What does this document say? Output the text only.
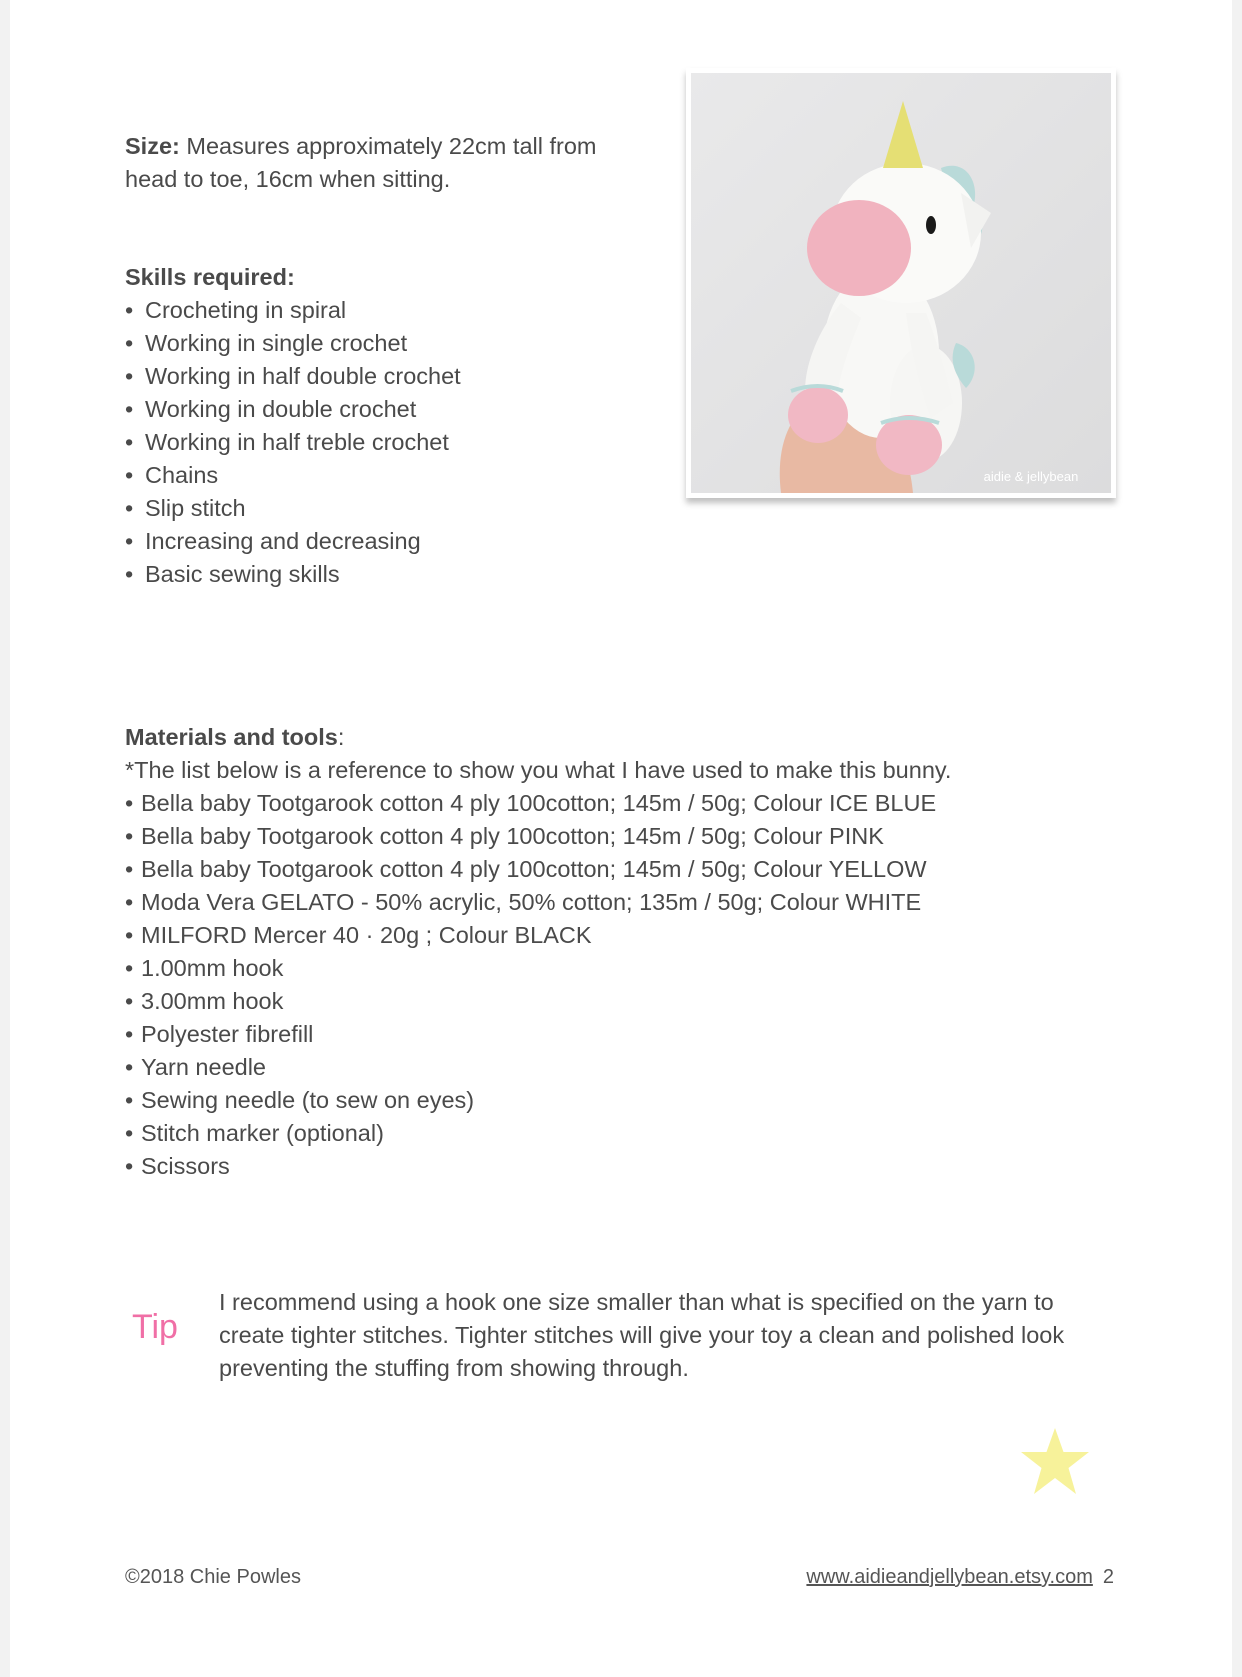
Size: Measures approximately 22cm tall from head to toe, 16cm when sitting.
Skills required:
• Crocheting in spiral
• Working in single crochet
• Working in half double crochet
• Working in double crochet
• Working in half treble crochet
• Chains
• Slip stitch
• Increasing and decreasing
• Basic sewing skills
Materials and tools:
*The list below is a reference to show you what I have used to make this bunny.
• Bella baby Tootgarook cotton 4 ply 100cotton; 145m / 50g; Colour ICE BLUE
• Bella baby Tootgarook cotton 4 ply 100cotton; 145m / 50g; Colour PINK
• Bella baby Tootgarook cotton 4 ply 100cotton; 145m / 50g; Colour YELLOW
• Moda Vera GELATO - 50% acrylic, 50% cotton; 135m / 50g; Colour WHITE
• MILFORD Mercer 40 · 20g ; Colour BLACK
• 1.00mm hook
• 3.00mm hook
• Polyester fibrefill
• Yarn needle
• Sewing needle (to sew on eyes)
• Stitch marker (optional)
• Scissors
aidie & jellybean
Tip
I recommend using a hook one size smaller than what is specified on the yarn to create tighter stitches. Tighter stitches will give your toy a clean and polished look preventing the stuffing from showing through.
©2018 Chie Powles	www.aidieandjellybean.etsy.com 2
